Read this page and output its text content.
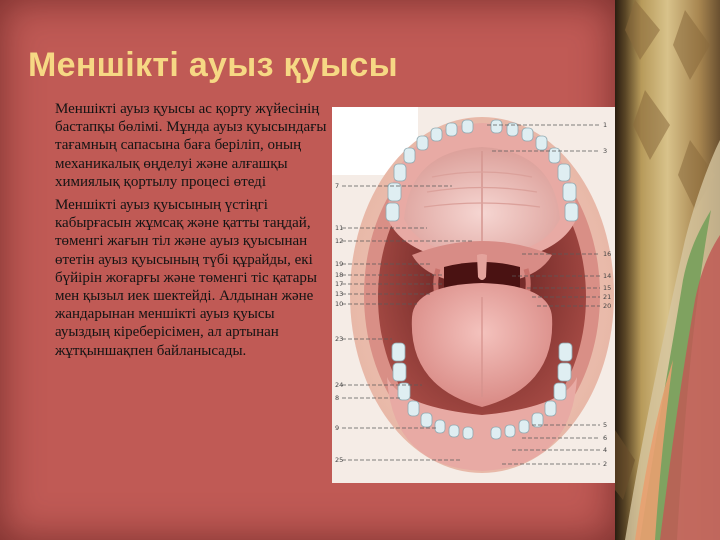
Меншікті ауыз қуысы

Меншікті ауыз қуысы ас қорту жүйесінің бастапқы бөлімі. Мұнда ауыз қуысындағы тағамның сапасына баға беріліп, оның механикалық өңделуі және алғашқы химиялық қортылу процесі өтеді

Меншікті ауыз қуысының үстіңгі кабырғасын жұмсақ және қатты таңдай, төменгі жағын тіл және ауыз қуысынан өтетін ауыз қуысының түбі құрайды, екі бүйірін жоғарғы және төменгі тіс қатары мен қызыл иек шектейді. Алдынан және жандарынан меншікті ауыз қуысы ауыздың кіреберісімен, ал артынан жұтқыншақпен байланысады.

7
11
12
19
18
17
13
10
23
24
8
9
25
1
3
16
14
15
21
20
5
6
4
2
